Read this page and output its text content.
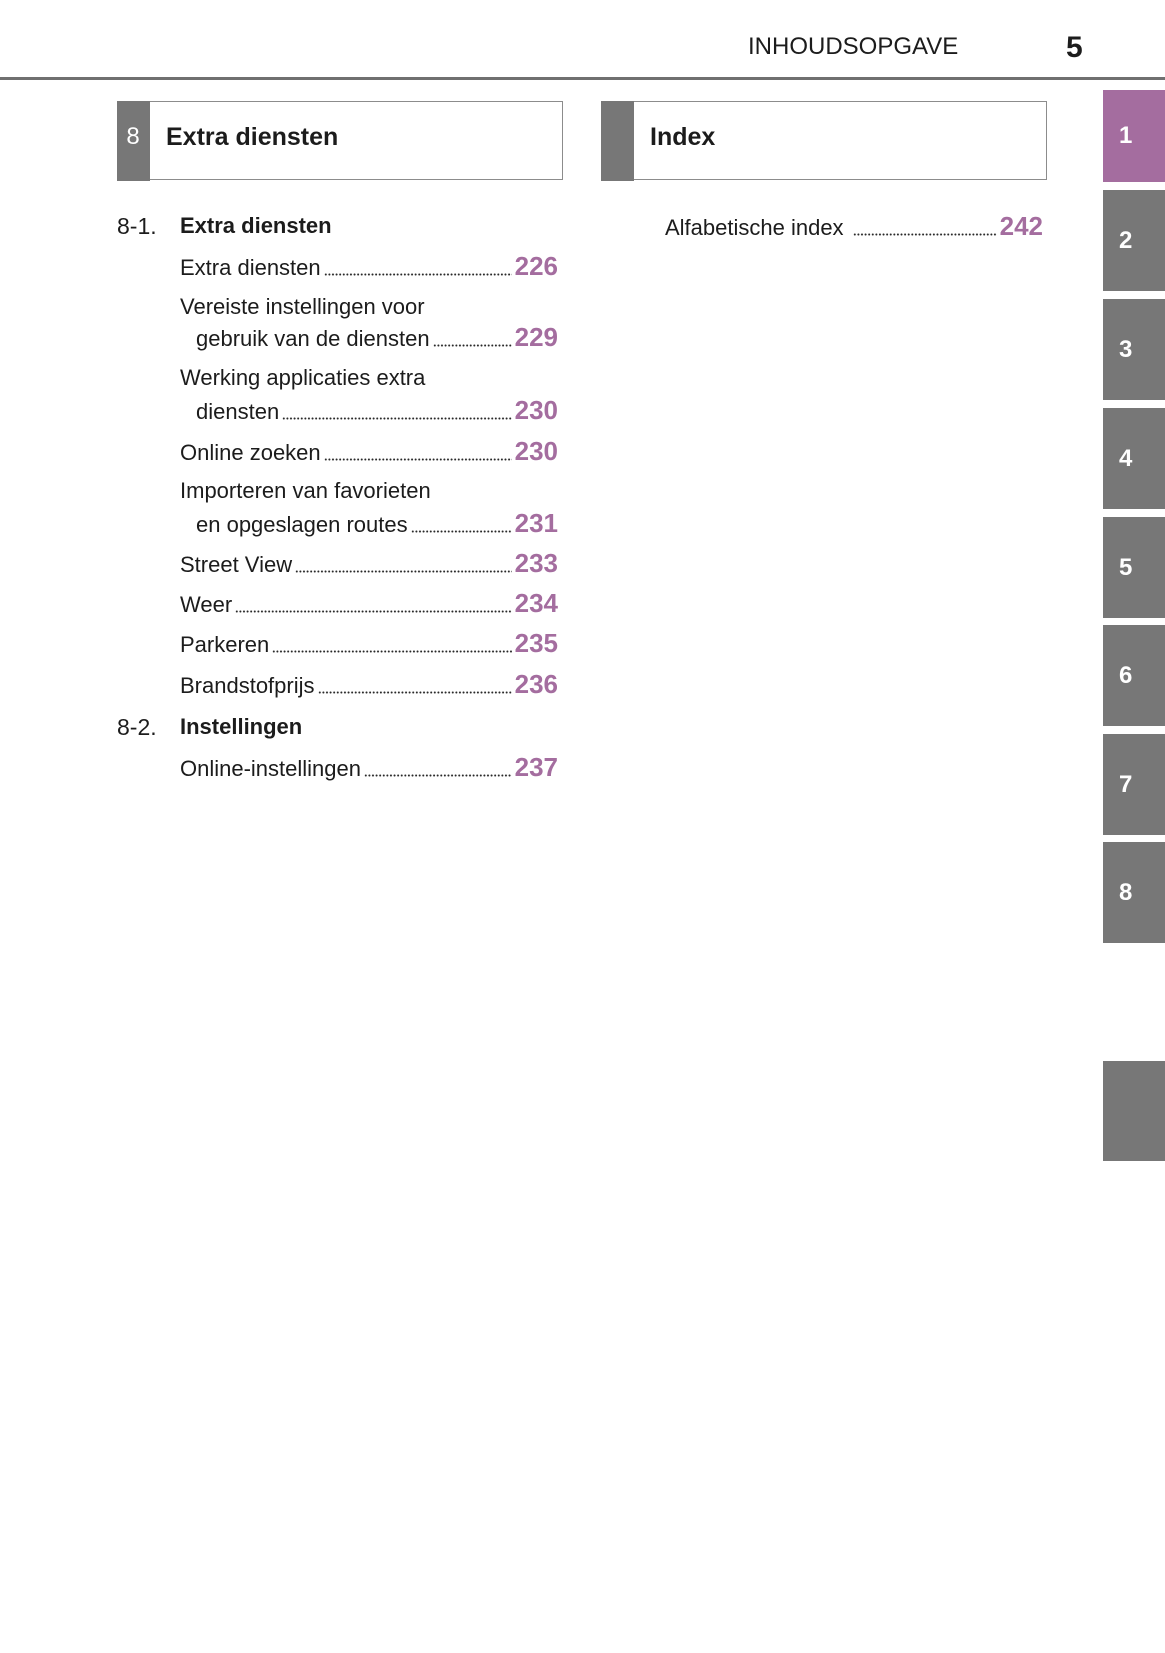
INHOUDSOPGAVE	5
8 Extra diensten	Index
8-1. Extra diensten
Extra diensten	226
Vereiste instellingen voor
gebruik van de diensten	229
Werking applicaties extra
diensten	230
Online zoeken	230
Importeren van favorieten
en opgeslagen routes	231
Street View	233
Weer	234
Parkeren	235
Brandstofprijs	236
8-2. Instellingen
Online-instellingen	237
Alfabetische index	242
1
2
3
4
5
6
7
8
